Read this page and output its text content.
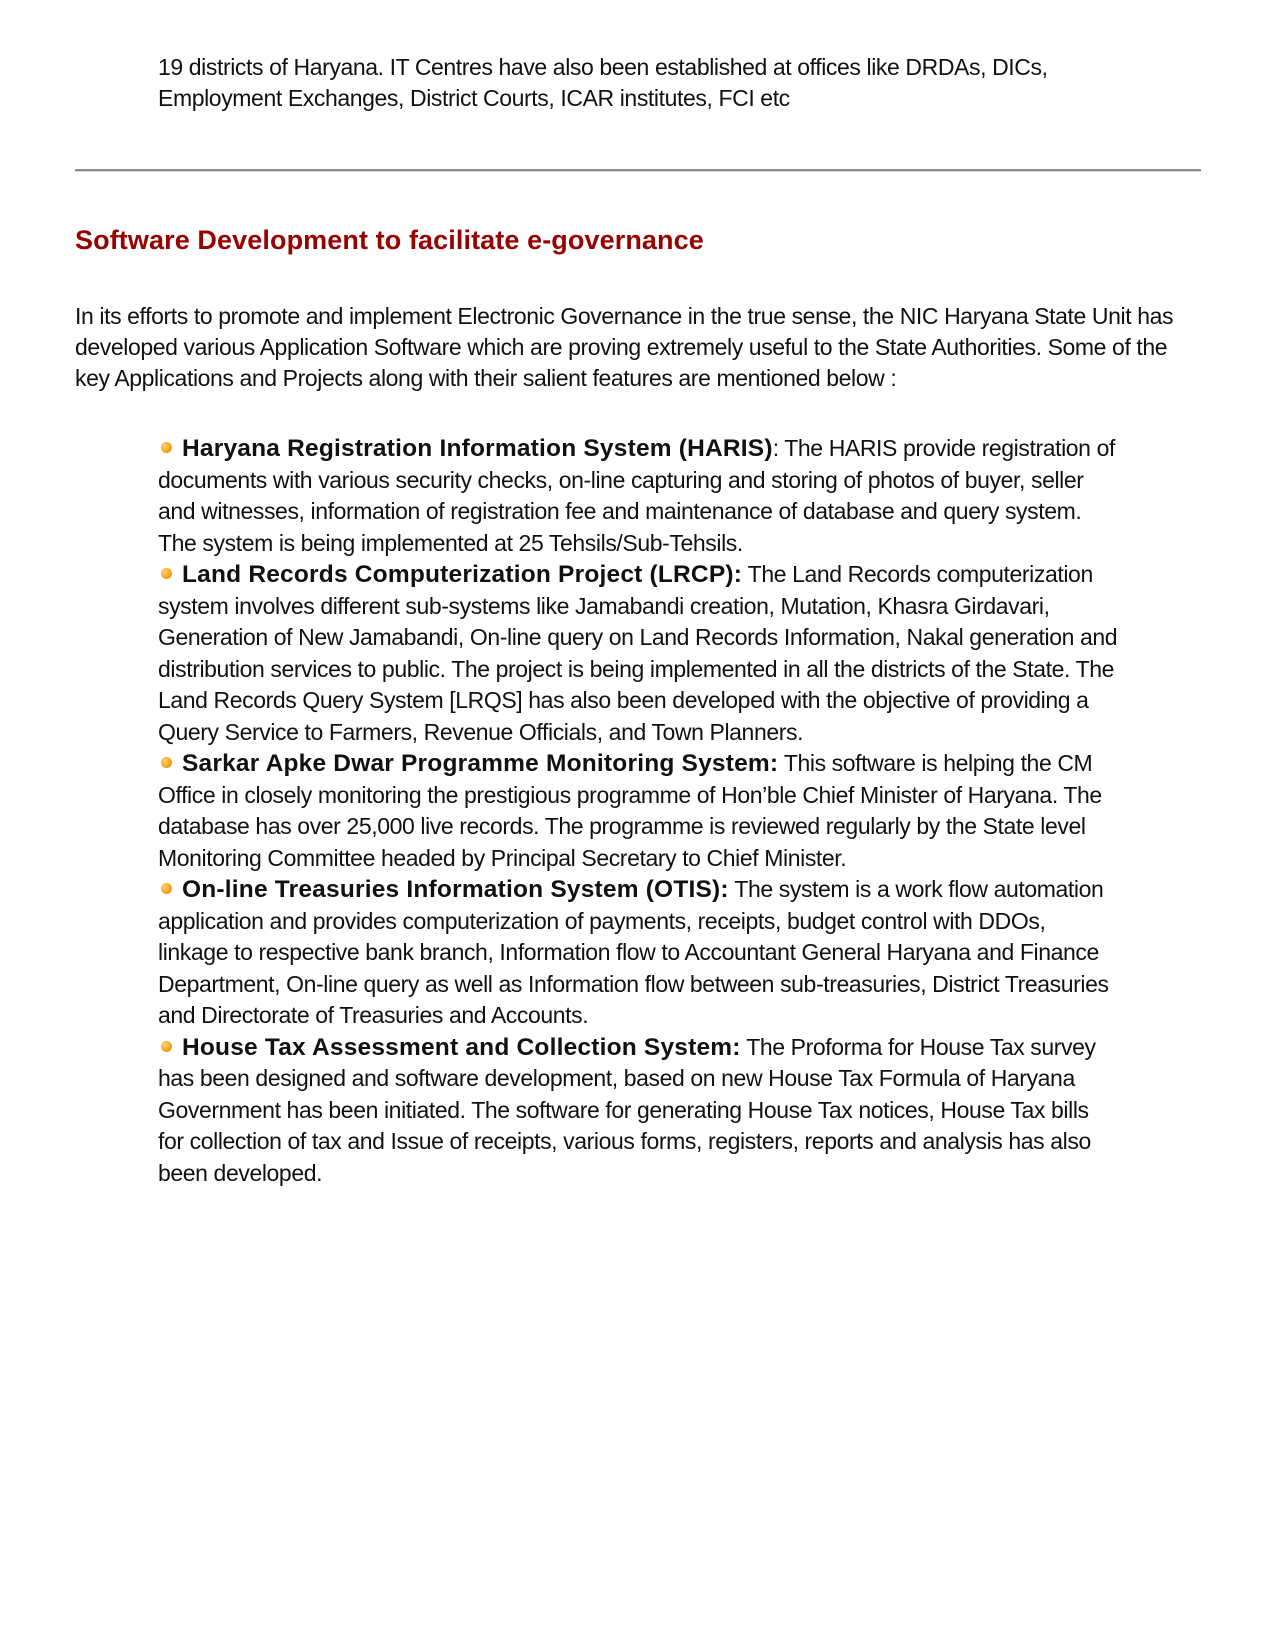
19 districts of Haryana. IT Centres have also been established at offices like DRDAs, DICs, Employment Exchanges, District Courts, ICAR institutes, FCI etc
Software Development to facilitate e-governance

In its efforts to promote and implement Electronic Governance in the true sense, the NIC Haryana State Unit has developed various Application Software which are proving extremely useful to the State Authorities. Some of the key Applications and Projects along with their salient features are mentioned below :

Haryana Registration Information System (HARIS): The HARIS provide registration of documents with various security checks, on-line capturing and storing of photos of buyer, seller and witnesses, information of registration fee and maintenance of database and query system. The system is being implemented at 25 Tehsils/Sub-Tehsils.
Land Records Computerization Project (LRCP): The Land Records computerization system involves different sub-systems like Jamabandi creation, Mutation, Khasra Girdavari, Generation of New Jamabandi, On-line query on Land Records Information, Nakal generation and distribution services to public. The project is being implemented in all the districts of the State. The Land Records Query System [LRQS] has also been developed with the objective of providing a Query Service to Farmers, Revenue Officials, and Town Planners.
Sarkar Apke Dwar Programme Monitoring System: This software is helping the CM Office in closely monitoring the prestigious programme of Hon’ble Chief Minister of Haryana. The database has over 25,000 live records. The programme is reviewed regularly by the State level Monitoring Committee headed by Principal Secretary to Chief Minister.
On-line Treasuries Information System (OTIS): The system is a work flow automation application and provides computerization of payments, receipts, budget control with DDOs, linkage to respective bank branch, Information flow to Accountant General Haryana and Finance Department, On-line query as well as Information flow between sub-treasuries, District Treasuries and Directorate of Treasuries and Accounts.
House Tax Assessment and Collection System: The Proforma for House Tax survey has been designed and software development, based on new House Tax Formula of Haryana Government has been initiated. The software for generating House Tax notices, House Tax bills for collection of tax and Issue of receipts, various forms, registers, reports and analysis has also been developed.
